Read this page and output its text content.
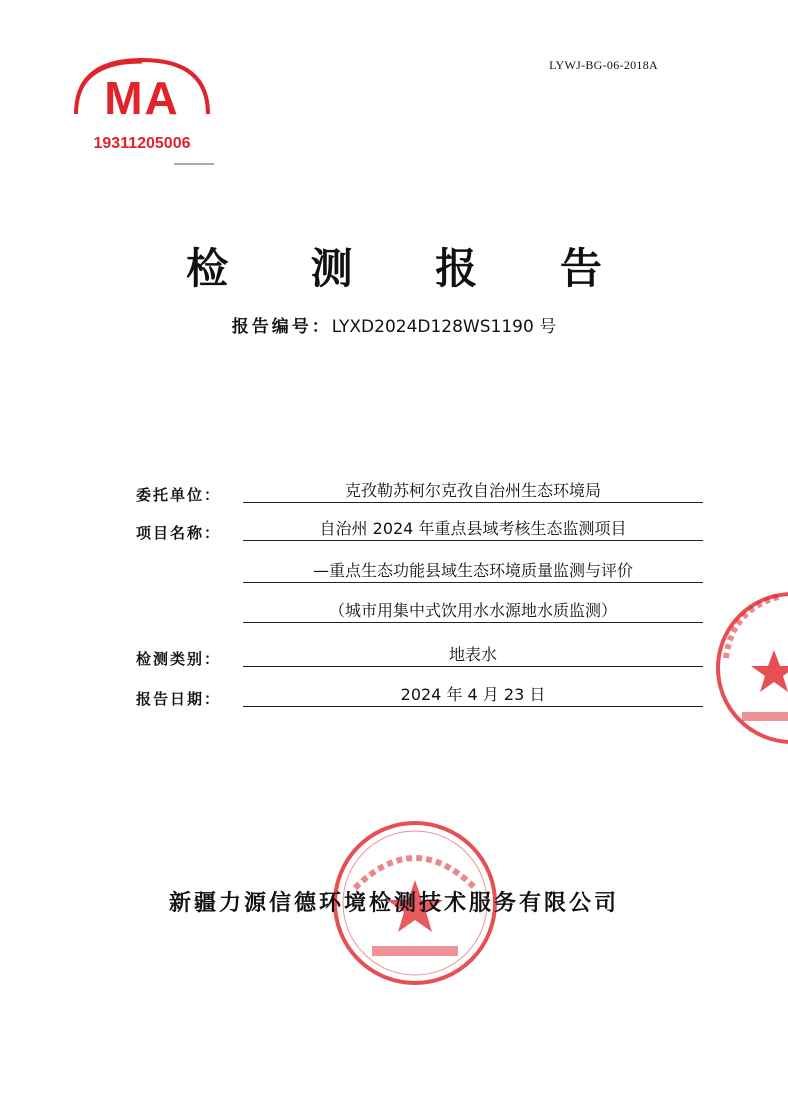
MA
19311205006
LYWJ-BG-06-2018A
检 测 报 告
报告编号：LYXD2024D128WS1190 号
委托单位：	克孜勒苏柯尔克孜自治州生态环境局
项目名称：	自治州 2024 年重点县域考核生态监测项目
—重点生态功能县域生态环境质量监测与评价
（城市用集中式饮用水水源地水质监测）
检测类别：	地表水
报告日期：	2024 年 4 月 23 日
新疆力源信德环境检测技术服务有限公司
